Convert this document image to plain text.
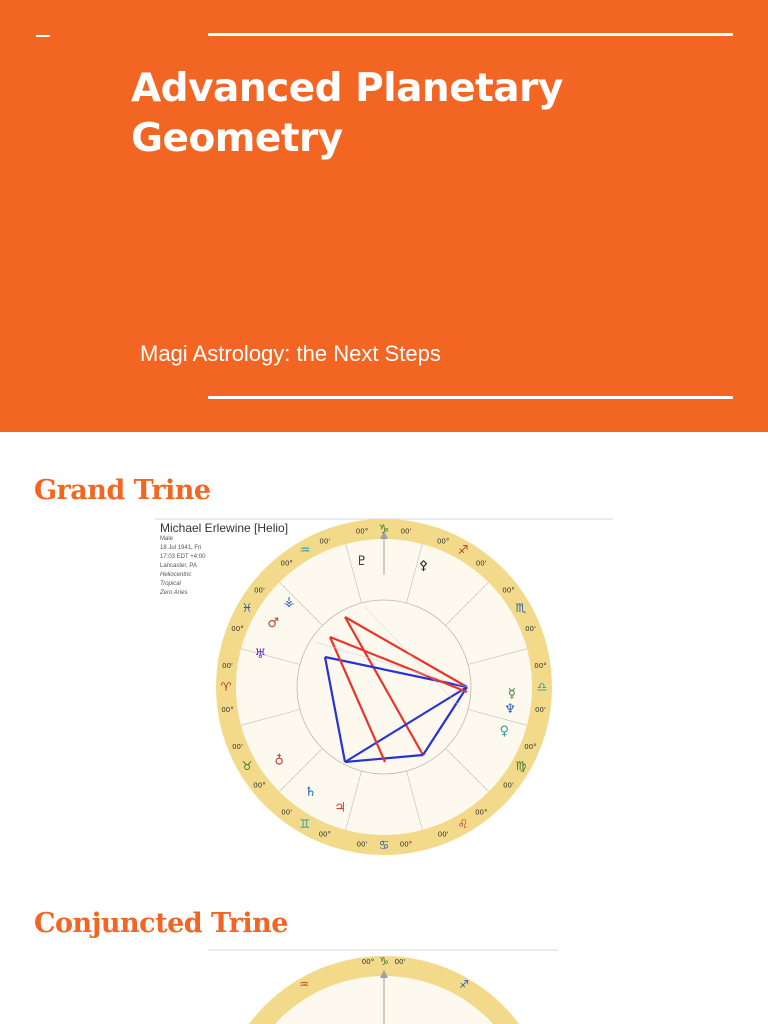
Advanced Planetary Geometry
Magi Astrology: the Next Steps
Grand Trine
♑
00°	00'
♐
00°
00'
♏
00°
00'
♎
00°
00'
♍
00°
00'
♌
00°
00'
♋ 00°
00'
♊
00°
00'
♉
00°
00'
♈
00°
00'
♓
00°
00'
♒
00°
00'
♇	⚴
♂
♅
⚶
♃
♄
♆
♀
☿
♁
Michael Erlewine [Helio]
Male
18 Jul 1941, Fri
17:03 EDT +4:00
Lancaster, PA
Heliocentric
Tropical
Zero Aries
Conjuncted Trine
♑
♒	♐
00°	00'
